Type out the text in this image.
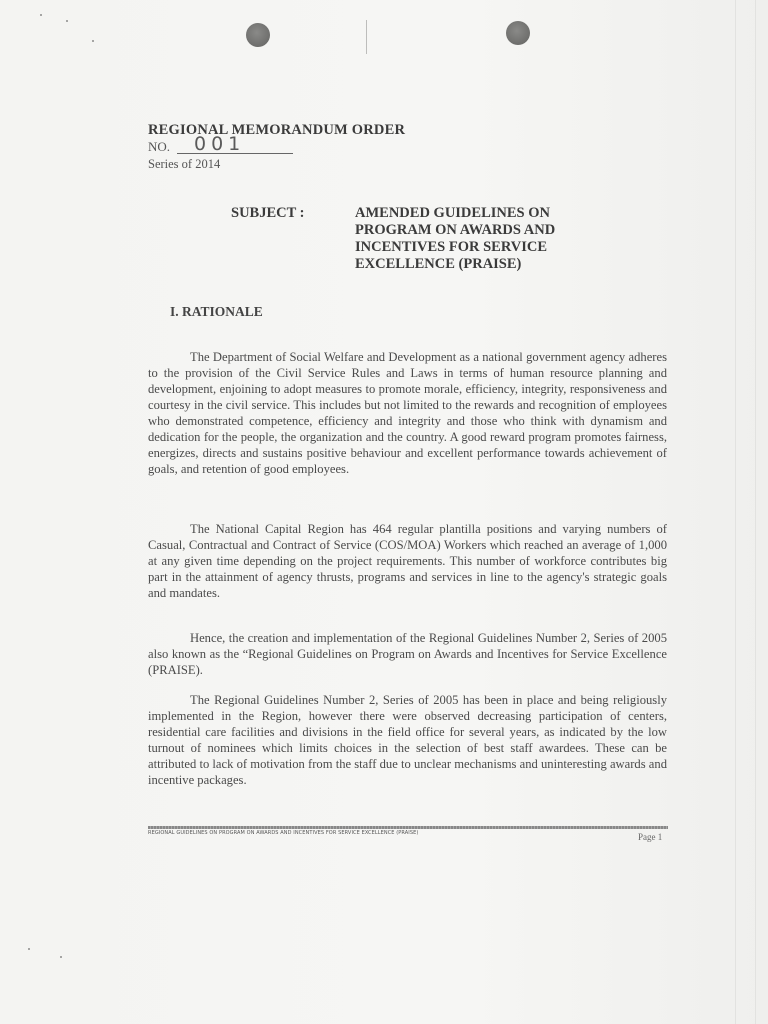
REGIONAL MEMORANDUM ORDER
NO. 001
Series of 2014
SUBJECT :	AMENDED GUIDELINES ON PROGRAM ON AWARDS AND INCENTIVES FOR SERVICE EXCELLENCE (PRAISE)
I. RATIONALE

The Department of Social Welfare and Development as a national government agency adheres to the provision of the Civil Service Rules and Laws in terms of human resource planning and development, enjoining to adopt measures to promote morale, efficiency, integrity, responsiveness and courtesy in the civil service. This includes but not limited to the rewards and recognition of employees who demonstrated competence, efficiency and integrity and those who think with dynamism and dedication for the people, the organization and the country. A good reward program promotes fairness, energizes, directs and sustains positive behaviour and excellent performance towards achievement of goals, and retention of good employees.

The National Capital Region has 464 regular plantilla positions and varying numbers of Casual, Contractual and Contract of Service (COS/MOA) Workers which reached an average of 1,000 at any given time depending on the project requirements. This number of workforce contributes big part in the attainment of agency thrusts, programs and services in line to the agency's strategic goals and mandates.

Hence, the creation and implementation of the Regional Guidelines Number 2, Series of 2005 also known as the “Regional Guidelines on Program on Awards and Incentives for Service Excellence (PRAISE).

The Regional Guidelines Number 2, Series of 2005 has been in place and being religiously implemented in the Region, however there were observed decreasing participation of centers, residential care facilities and divisions in the field office for several years, as indicated by the low turnout of nominees which limits choices in the selection of best staff awardees. These can be attributed to lack of motivation from the staff due to unclear mechanisms and uninteresting awards and incentive packages.

REGIONAL GUIDELINES ON PROGRAM ON AWARDS AND INCENTIVES FOR SERVICE EXCELLENCE (PRAISE)	Page 1
